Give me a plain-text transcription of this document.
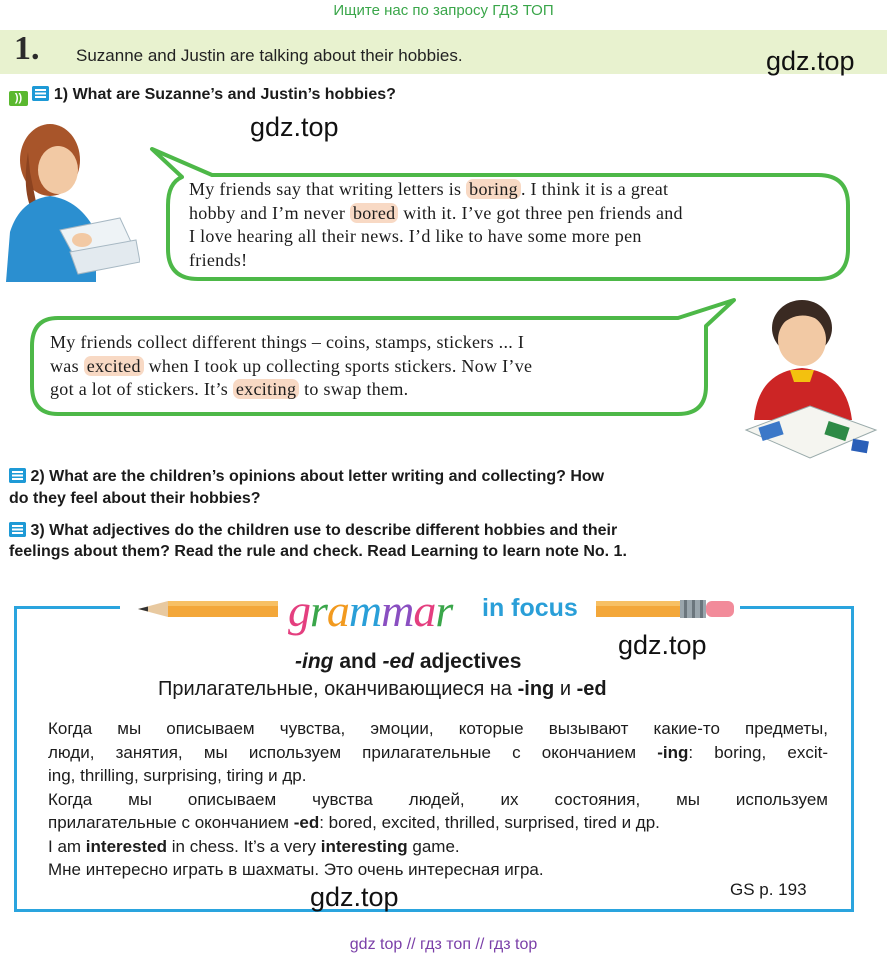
Ищите нас по запросу ГДЗ ТОП
1. Suzanne and Justin are talking about their hobbies.	gdz.top
)) 1) What are Suzanne’s and Justin’s hobbies?
gdz.top
My friends say that writing letters is boring . I think it is a great
hobby and I’m never bored with it. I’ve got three pen friends and
I love hearing all their news. I’d like to have some more pen
friends!
My friends collect different things – coins, stamps, stickers ... I
was excited when I took up collecting sports stickers. Now I’ve
got a lot of stickers. It’s exciting to swap them.
2) What are the children’s opinions about letter writing and collecting? How
do they feel about their hobbies?
3) What adjectives do the children use to describe different hobbies and their
feelings about them? Read the rule and check. Read Learning to learn note No. 1.
grammar in focus
-ing and -ed adjectives
gdz.top
Прилагательные, оканчивающиеся на -ing и -ed
Когда мы описываем чувства, эмоции, которые вызывают какие-то предметы,
люди, занятия, мы используем прилагательные с окончанием -ing: boring, excit-
ing, thrilling, surprising, tiring и др.
Когда мы описываем чувства людей, их состояния, мы используем
прилагательные с окончанием -ed: bored, excited, thrilled, surprised, tired и др.
I am interested in chess. It’s a very interesting game.
Мне интересно играть в шахматы. Это очень интересная игра.
GS p. 193
gdz.top
gdz top // гдз топ // гдз top
